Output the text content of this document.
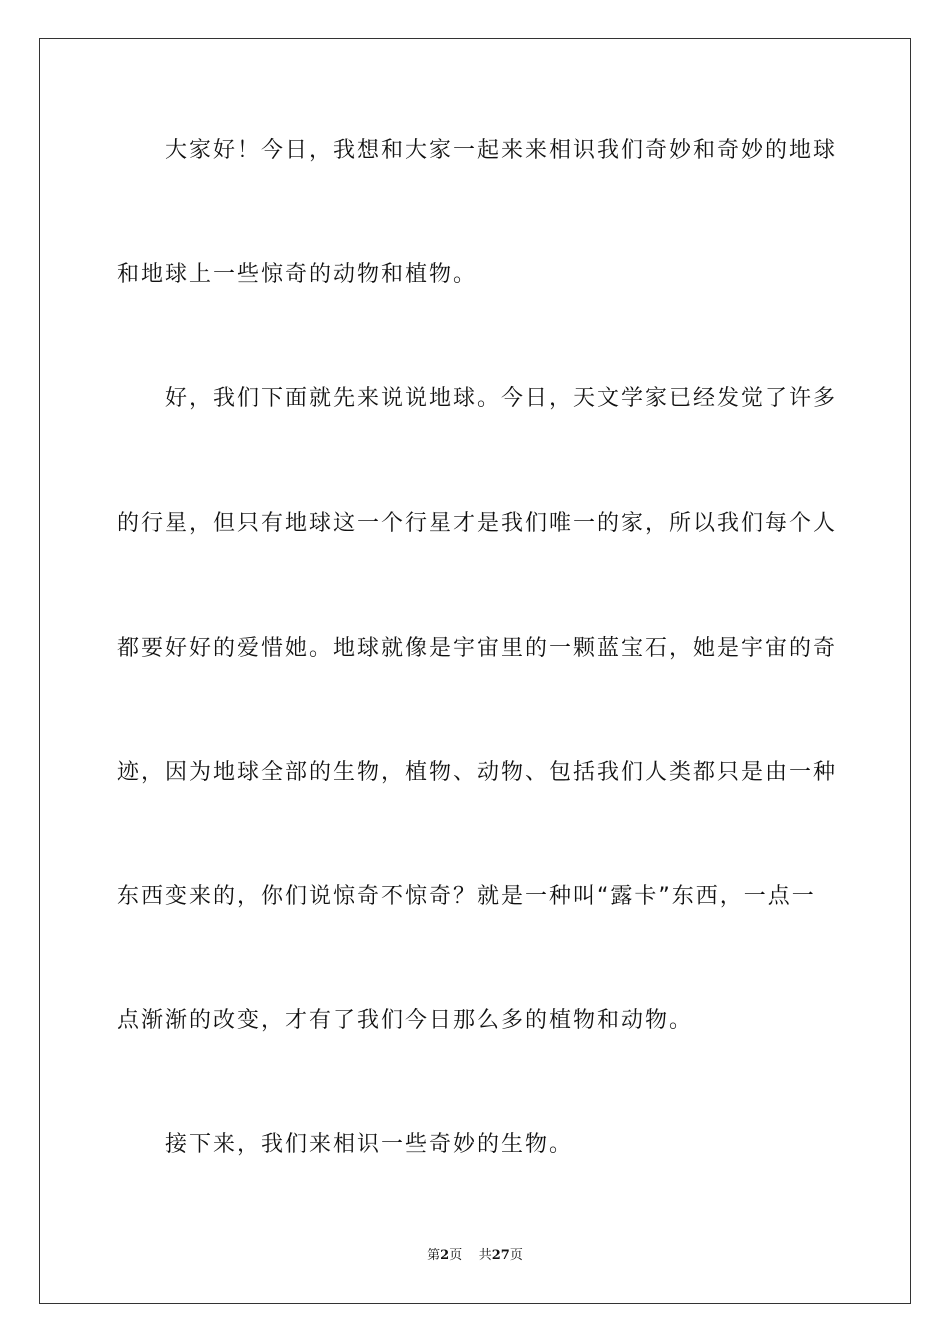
　　大家好！今日，我想和大家一起来来相识我们奇妙和奇妙的地球
和地球上一些惊奇的动物和植物。
　　好，我们下面就先来说说地球。今日，天文学家已经发觉了许多
的行星，但只有地球这一个行星才是我们唯一的家，所以我们每个人
都要好好的爱惜她。地球就像是宇宙里的一颗蓝宝石，她是宇宙的奇
迹，因为地球全部的生物，植物、动物、包括我们人类都只是由一种
东西变来的，你们说惊奇不惊奇？就是一种叫“露卡”东西，一点一
点渐渐的改变，才有了我们今日那么多的植物和动物。
　　接下来，我们来相识一些奇妙的生物。
第2页 共27页
